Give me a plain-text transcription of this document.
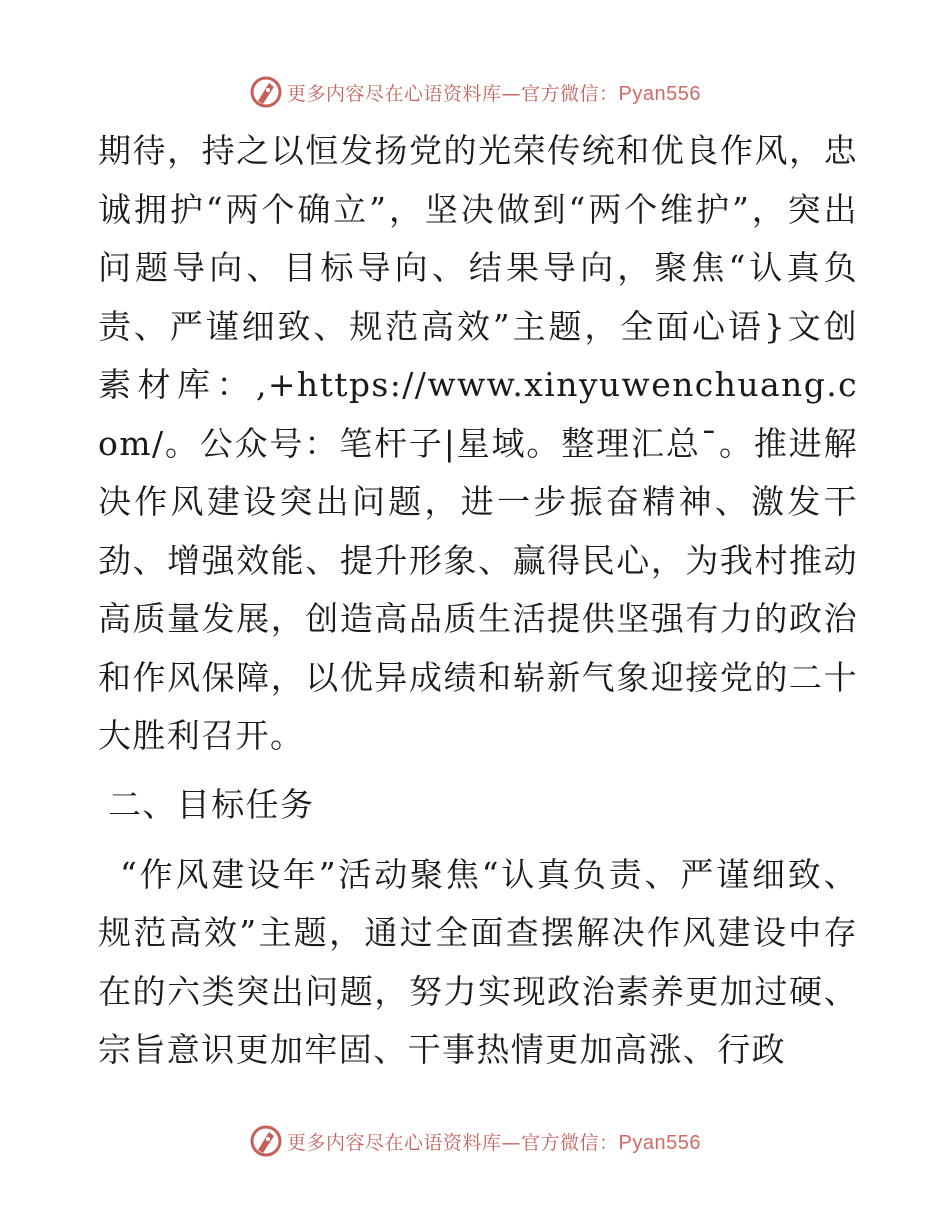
更多内容尽在心语资料库—官方微信：Pyan556

期待，持之以恒发扬党的光荣传统和优良作风，忠诚拥护“两个确立”，坚决做到“两个维护”，突出问题导向、目标导向、结果导向，聚焦“认真负责、严谨细致、规范高效”主题，全面心语}文创素材库：,+https://www.xinyuwenchuang.com/。公众号：笔杆子|星域。整理汇总¯。推进解决作风建设突出问题，进一步振奋精神、激发干劲、增强效能、提升形象、赢得民心，为我村推动高质量发展，创造高品质生活提供坚强有力的政治和作风保障，以优异成绩和崭新气象迎接党的二十大胜利召开。

二、目标任务

“作风建设年”活动聚焦“认真负责、严谨细致、规范高效”主题，通过全面查摆解决作风建设中存在的六类突出问题，努力实现政治素养更加过硬、宗旨意识更加牢固、干事热情更加高涨、行政

更多内容尽在心语资料库—官方微信：Pyan556
